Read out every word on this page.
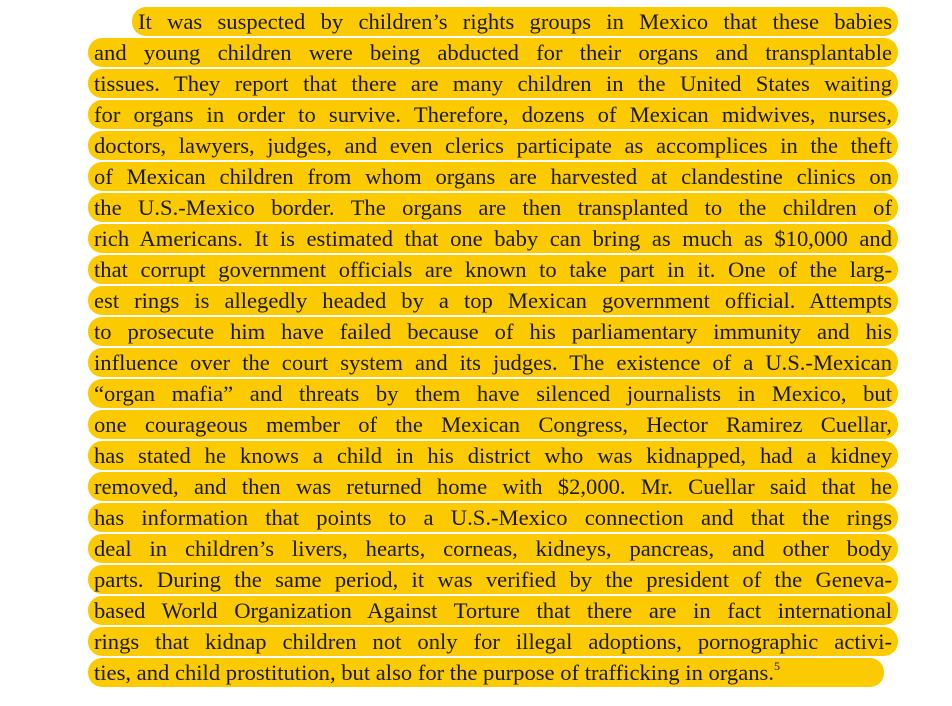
It was suspected by children’s rights groups in Mexico that these babies
and young children were being abducted for their organs and transplantable
tissues. They report that there are many children in the United States waiting
for organs in order to survive. Therefore, dozens of Mexican midwives, nurses,
doctors, lawyers, judges, and even clerics participate as accomplices in the theft
of Mexican children from whom organs are harvested at clandestine clinics on
the U.S.-Mexico border. The organs are then transplanted to the children of
rich Americans. It is estimated that one baby can bring as much as $10,000 and
that corrupt government officials are known to take part in it. One of the larg-
est rings is allegedly headed by a top Mexican government official. Attempts
to prosecute him have failed because of his parliamentary immunity and his
influence over the court system and its judges. The existence of a U.S.-Mexican
“organ mafia” and threats by them have silenced journalists in Mexico, but
one courageous member of the Mexican Congress, Hector Ramirez Cuellar,
has stated he knows a child in his district who was kidnapped, had a kidney
removed, and then was returned home with $2,000. Mr. Cuellar said that he
has information that points to a U.S.-Mexico connection and that the rings
deal in children’s livers, hearts, corneas, kidneys, pancreas, and other body
parts. During the same period, it was verified by the president of the Geneva-
based World Organization Against Torture that there are in fact international
rings that kidnap children not only for illegal adoptions, pornographic activi-
ties, and child prostitution, but also for the purpose of trafficking in organs.$^5$
